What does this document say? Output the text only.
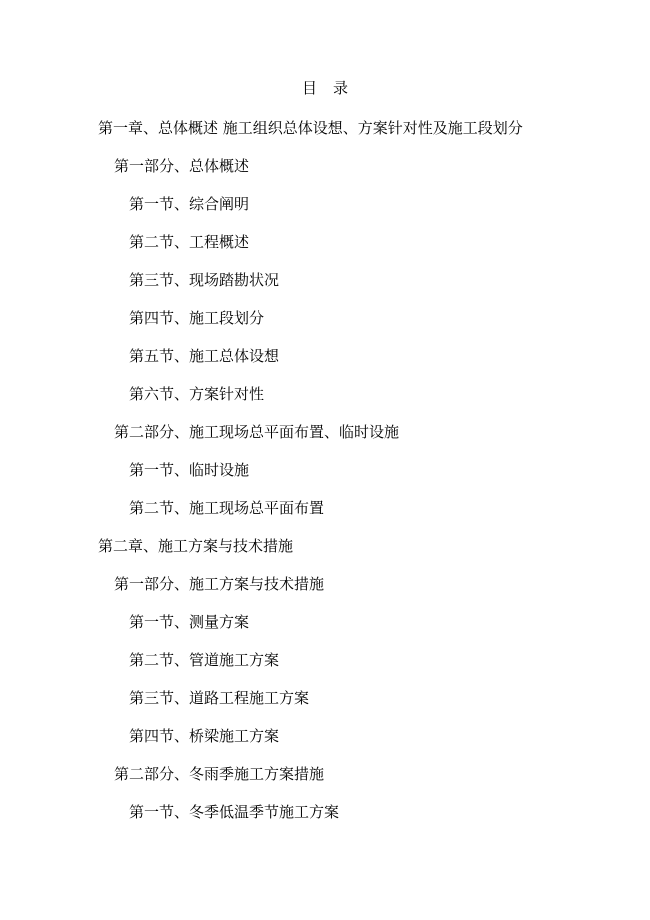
目录
第一章、总体概述 施工组织总体设想、方案针对性及施工段划分
第一部分、总体概述
第一节、综合阐明
第二节、工程概述
第三节、现场踏勘状况
第四节、施工段划分
第五节、施工总体设想
第六节、方案针对性
第二部分、施工现场总平面布置、临时设施
第一节、临时设施
第二节、施工现场总平面布置
第二章、施工方案与技术措施
第一部分、施工方案与技术措施
第一节、测量方案
第二节、管道施工方案
第三节、道路工程施工方案
第四节、桥梁施工方案
第二部分、冬雨季施工方案措施
第一节、冬季低温季节施工方案
